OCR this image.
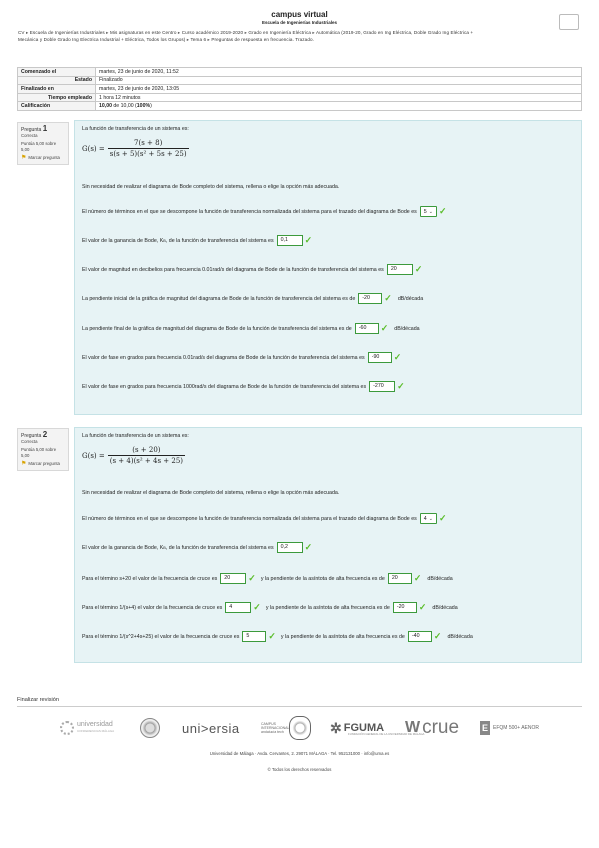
campus virtual
Escuela de Ingenierías Industriales
CV ▸ Escuela de Ingenierías Industriales ▸ Mis asignaturas en este Centro ▸ Curso académico 2019-2020 ▸ Grado en Ingeniería Eléctrica ▸ Automática (2019-20, Grado en Ing Eléctrica, Doble Grado Ing Eléctrica + Mecánica y Doble Grado Ing Electrica Industrial + Eléctrica, Todos los Grupos) ▸ Tema 6 ▸ Preguntas de respuesta en frecuencia. Trazado.
Comenzado el	martes, 23 de junio de 2020, 11:52
Estado	Finalizado
Finalizado en	martes, 23 de junio de 2020, 13:05
Tiempo empleado	1 hora 12 minutos
Calificación	10,00 de 10,00 (100%)
Pregunta 1
Correcta
Puntúa 5,00 sobre 5,00
⚑ Marcar pregunta
La función de transferencia de un sistema es:
$G(s) = \frac{7(s + 8)}{\text{s(s + 5)(s² + 5s + 25)}}$
Sin necesidad de realizar el diagrama de Bode completo del sistema, rellena o elige la opción más adecuada.
El número de términos en el que se descompone la función de transferencia normalizada del sistema para el trazado del diagrama de Bode es 5 ⌄ ✓
El valor de la ganancia de Bode, K B , de la función de transferencia del sistema es	0,1	✓
El valor de magnitud en decibelios para frecuencia 0.01rad/s del diagrama de Bode de la función de transferencia del sistema es	20	✓
La pendiente inicial de la gráfica de magnitud del diagrama de Bode de la función de transferencia del sistema es de	-20	✓ dB/década
La pendiente final de la gráfica de magnitud del diagrama de Bode de la función de transferencia del sistema es de	-60	✓ dB/década
El valor de fase en grados para frecuencia 0.01rad/s del diagrama de Bode de la función de transferencia del sistema es	-90	✓
El valor de fase en grados para frecuencia 1000rad/s del diagrama de Bode de la función de transferencia del sistema es	-270	✓
Pregunta 2
Correcta
Puntúa 5,00 sobre 5,00
⚑ Marcar pregunta
La función de transferencia de un sistema es:
$G(s) = \frac{(s + 20)}{\text{(s + 4)(s² + 4s + 25)}}$
Sin necesidad de realizar el diagrama de Bode completo del sistema, rellena o elige la opción más adecuada.
El número de términos en el que se descompone la función de transferencia normalizada del sistema para el trazado del diagrama de Bode es 4 ⌄ ✓
El valor de la ganancia de Bode, K B , de la función de transferencia del sistema es	0,2	✓
Para el término s+20 el valor de la frecuencia de cruce es	20	✓ y la pendiente de la asíntota de alta frecuencia es de	20	✓ dB/década
Para el término 1/(s+4) el valor de la frecuencia de cruce es	4	✓ y la pendiente de la asíntota de alta frecuencia es de	-20	✓ dB/década
Para el término 1/(s^2+4s+25) el valor de la frecuencia de cruce es	5	✓ y la pendiente de la asíntota de alta frecuencia es de	-40	✓ dB/década
Finalizar revisión
universidad
CONFERENCIAS MÁLAGA	uni>ersia	CAMPUS
INTERNACIONAL
andalucía tech	✲ FGUMA
FUNDACIÓN GENERAL DE LA UNIVERSIDAD DE MÁLAGA
W crue	E	EFQM 500+ AENOR
Universidad de Málaga · Avda. Cervantes, 2. 29071 MÁLAGA · Tel. 952131000 · info@uma.es
© Todos los derechos reservados
